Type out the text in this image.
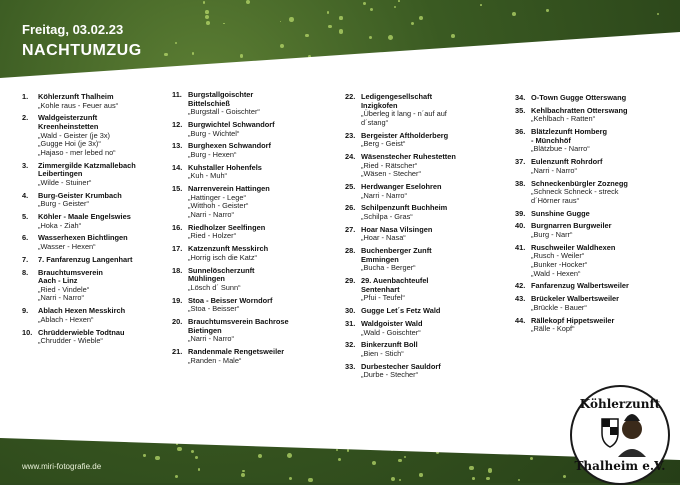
Freitag, 03.02.23
NACHTUMZUG
1. Köhlerzunft Thalheim
„Kohle raus - Feuer aus“
2. Waldgeisterzunft
Kreenheinstetten
„Wald - Geister (je 3x)
„Gugge Hoi (je 3x)“
„Hajaso - mer lebed no“
3. Zimmergilde Katzmallebach
Leibertingen
„Wilde - Stuiner“
4. Burg-Geister Krumbach
„Burg - Geister“
5. Köhler - Maale Engelswies
„Hoka - Ziah“
6. Wasserhexen Bichtlingen
„Wasser - Hexen“
7. 7. Fanfarenzug Langenhart
8. Brauchtumsverein
Aach - Linz
„Ried - Vindele“
„Narri - Narro“
9. Ablach Hexen Messkirch
„Ablach - Hexen“
10. Chrüdderwieble Todtnau
„Chrudder - Wieble“
11. Burgstallgoischter
Bittelschieß
„Burgstall - Goischter“
12. Burgwichtel Schwandorf
„Burg - Wichtel“
13. Burghexen Schwandorf
„Burg - Hexen“
14. Kuhstaller Hohenfels
„Kuh - Muh“
15. Narrenverein Hattingen
„Hattinger - Lege“
„Witthoh - Geister“
„Narri - Narro“
16. Riedholzer Seelfingen
„Ried - Holzer“
17. Katzenzunft Messkirch
„Horrig isch die Katz“
18. Sunnelöscherzunft
Mühlingen
„Lösch d´ Sunn“
19. Stoa - Beisser Worndorf
„Stoa - Beisser“
20. Brauchtumsverein Bachrose
Bietingen
„Narri - Narro“
21. Randenmale Rengetsweiler
„Randen - Male“
22. Ledigengesellschaft
Inzigkofen
„Überleg it lang - n´auf auf
d´stang“
23. Bergeister Aftholderberg
„Berg - Geist“
24. Wäsenstecher Ruhestetten
„Ried - Rätscher“
„Wäsen - Stecher“
25. Herdwanger Eselohren
„Narri - Narro“
26. Schilpenzunft Buchheim
„Schilpa - Gras“
27. Hoar Nasa Vilsingen
„Hoar - Nasa“
28. Buchenberger Zunft
Emmingen
„Bucha - Berger“
29. 29. Auenbachteufel
Sentenhart
„Pfui - Teufel“
30. Gugge Let´s Fetz Wald
31. Waldgoister Wald
„Wald - Goischter“
32. Binkerzunft Boll
„Bien - Stich“
33. Durbestecher Sauldorf
„Durbe - Stecher“
34. O-Town Gugge Otterswang
35. Kehlbachratten Otterswang
„Kehlbach - Ratten“
36. Blätzlezunft Homberg
- Münchhöf
„Blätzbue - Narro“
37. Eulenzunft Rohrdorf
„Narri - Narro“
38. Schneckenbürgler Zoznegg
„Schneck Schneck - streck
d´Hörner raus“
39. Sunshine Gugge
40. Burgnarren Burgweiler
„Burg - Narr“
41. Ruschweiler Waldhexen
„Rusch - Weiler“
„Bunker -Hocker“
„Wald - Hexen“
42. Fanfarenzug Walbertsweiler
43. Brückeler Walbertsweiler
„Brückle - Bauer“
44. Rällekopf Hippetsweiler
„Rälle - Kopf“
www.miri-fotografie.de
Köhlerzunft
Thalheim e.V.
